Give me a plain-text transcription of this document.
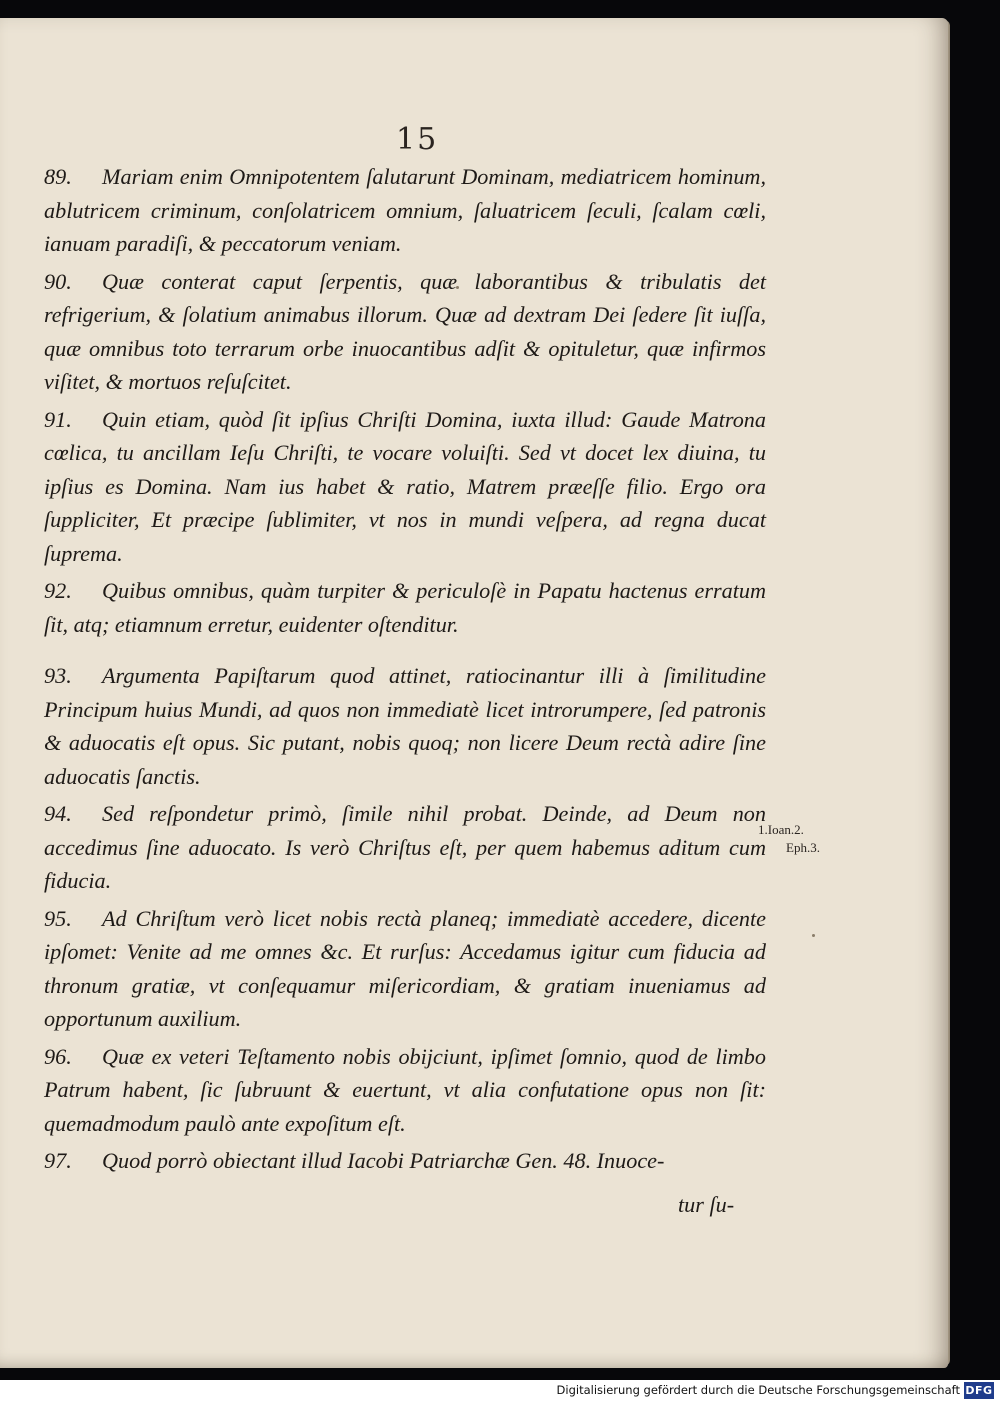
15

89. Mariam enim Omnipotentem ſalutarunt Dominam, mediatricem hominum, ablutricem criminum, conſolatricem omnium, ſaluatricem ſeculi, ſcalam cœli, ianuam paradiſi, & peccatorum veniam.

90. Quæ conterat caput ſerpentis, quæ laborantibus & tribulatis det refrigerium, & ſolatium animabus illorum. Quæ ad dextram Dei ſedere ſit iuſſa, quæ omnibus toto terrarum orbe inuocantibus adſit & opituletur, quæ infirmos viſitet, & mortuos reſuſcitet.

91. Quin etiam, quòd ſit ipſius Chriſti Domina, iuxta illud: Gaude Matrona cœlica, tu ancillam Ieſu Chriſti, te vocare voluiſti. Sed vt docet lex diuina, tu ipſius es Domina. Nam ius habet & ratio, Matrem præeſſe filio. Ergo ora ſuppliciter, Et præcipe ſublimiter, vt nos in mundi veſpera, ad regna ducat ſuprema.

92. Quibus omnibus, quàm turpiter & periculoſè in Papatu hactenus erratum ſit, atq; etiamnum erretur, euidenter oſtenditur.

93. Argumenta Papiſtarum quod attinet, ratiocinantur illi à ſimilitudine Principum huius Mundi, ad quos non immediatè licet introrumpere, ſed patronis & aduocatis eſt opus. Sic putant, nobis quoq; non licere Deum rectà adire ſine aduocatis ſanctis.

94. Sed reſpondetur primò, ſimile nihil probat. Deinde, ad Deum non accedimus ſine aduocato. Is verò Chriſtus eſt, per quem habemus aditum cum fiducia.

95. Ad Chriſtum verò licet nobis rectà planeq; immediatè accedere, dicente ipſomet: Venite ad me omnes &c. Et rurſus: Accedamus igitur cum fiducia ad thronum gratiæ, vt conſequamur miſericordiam, & gratiam inueniamus ad opportunum auxilium.

96. Quæ ex veteri Teſtamento nobis obijciunt, ipſimet ſomnio, quod de limbo Patrum habent, ſic ſubruunt & euertunt, vt alia confutatione opus non ſit: quemadmodum paulò ante expoſitum eſt.

97. Quod porrò obiectant illud Iacobi Patriarchæ Gen. 48. Inuoce-

1.Ioan.2.
Eph.3.
tur ſu-
Digitalisierung gefördert durch die Deutsche Forschungsgemeinschaft DFG
